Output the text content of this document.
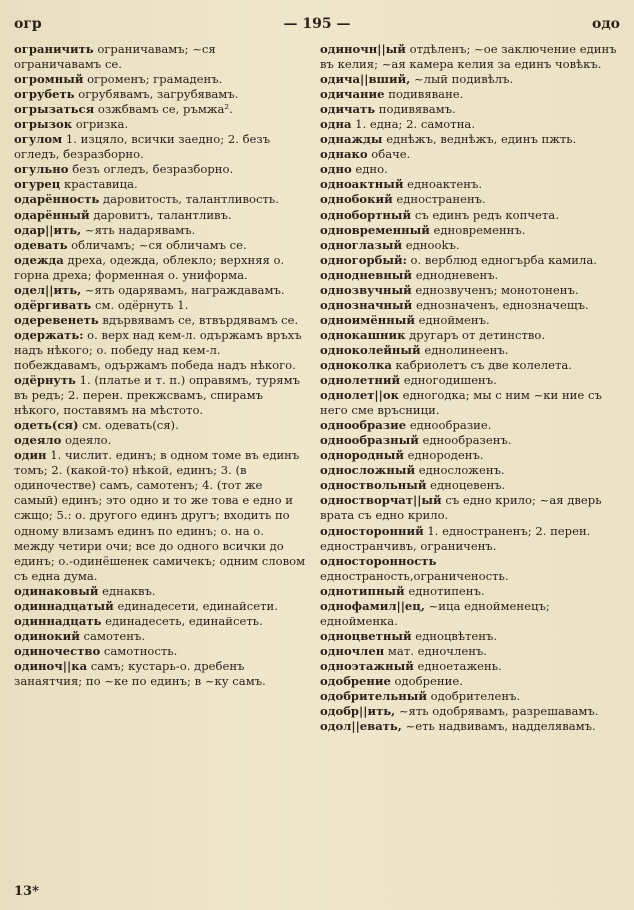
огр	— 195 —	одо

ограничить ограничавамъ; ~ся ограничавамъ се.

огромный огроменъ; грамаденъ.

огрубеть огрубявамъ, загрубявамъ.

огрызаться озжбвамъ се, ръмжа².

огрызок огризка.

огулом 1. изцяло, всички заедно; 2. безъ огледъ, безразборно.

огульно безъ огледъ, безразборно.

огурец краставица.

одарённость даровитость, талантливость.

одарённый даровитъ, талантливъ.

одар||ить, ~ять надарявамъ.

одевать обличамъ; ~ся обличамъ се.

одежда дреха, одежда, облекло; верхняя о. горна дреха; форменная о. униформа.

одел||ить, ~ять одарявамъ, награждавамъ.

одёргивать см. одёрнуть 1.

одеревенеть вдървявамъ се, втвърдявамъ се.

одержать: о. верх над кем-л. одържамъ връхъ надъ нѣкого; о. победу над кем-л. побеждавамъ, одържамъ победа надъ нѣкого.

одёрнуть 1. (платье и т. п.) оправямъ, турямъ въ редъ; 2. перен. прекжсвамъ, спирамъ нѣкого, поставямъ на мѣстото.

одеть(ся) см. одевать(ся).

одеяло одеяло.

один 1. числит. единъ; в одном томе въ единъ томъ; 2. (какой-то) нѣкой, единъ; 3. (в одиночестве) самъ, самотенъ; 4. (тот же самый) единъ; это одно и то же това е едно и сжщо; 5.: о. другого единъ другъ; входить по одному влизамъ единъ по единъ; о. на о. между четири очи; все до одного всички до единъ; о.-одинёшенек самичекъ; одним словом съ една дума.

одинаковый еднаквъ.

одиннадцатый единадесети, единайсети.

одиннадцать единадесеть, единайсеть.

одинокий самотенъ.

одиночество самотность.

одиноч||ка самъ; кустарь-о. дребенъ занаятчия; по ~ке по единъ; в ~ку самъ.

одиночн||ый отдѣленъ; ~ое заключение единъ въ келия; ~ая камера келия за единъ човѣкъ.

одича||вший, ~лый подивѣлъ.

одичание подивяване.

одичать подивявамъ.

одна 1. една; 2. самотна.

однажды еднѣжъ, веднѣжъ, единъ пжть.

однако обаче.

одно едно.

одноактный едноактенъ.

однобокий едностраненъ.

однобортный съ единъ редъ копчета.

одновременный едновременнъ.

одноглазый еднооkъ.

одногорбый: о. верблюд едногърба камила.

однодневный еднодневенъ.

однозвучный еднозвученъ; монотоненъ.

однозначный еднозначенъ, еднозначещъ.

одноимённый еднойменъ.

однокашник другаръ от детинство.

одноколейный еднолинеенъ.

одноколка кабриолетъ съ две колелета.

однолетний едногодишенъ.

однолет||ок едногодка; мы с ним ~ки ние съ него сме връсници.

однообразие еднообразие.

однообразный еднообразенъ.

однородный еднороденъ.

односложный едносложенъ.

одноствольный едноцевенъ.

одностворчат||ый съ едно крило; ~ая дверь врата съ едно крило.

односторонний 1. едностраненъ; 2. перен. едностранчивъ, ограниченъ.

односторонность едностраность,ограниченость.

однотипный еднотипенъ.

однофамил||ец, ~ица еднойменецъ; еднойменка.

одноцветный едноцвѣтенъ.

одночлен мат. едночленъ.

одноэтажный едноетажень.

одобрение одобрение.

одобрительный одобрителенъ.

одобр||ить, ~ять одобрявамъ, разрешавамъ.

одол||евать, ~еть надвивамъ, надделявамъ.

13*
